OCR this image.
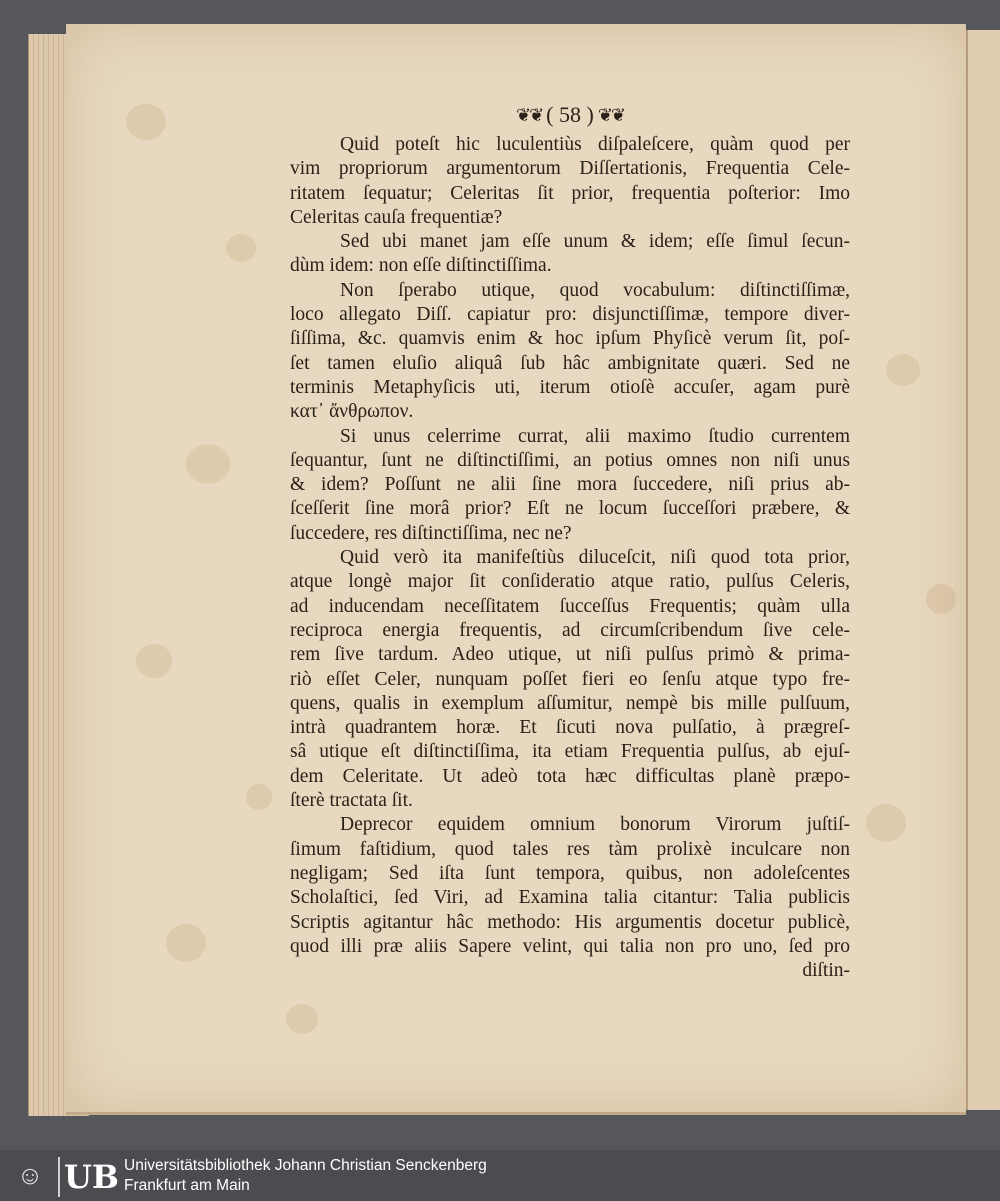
❦❦ ( 58 ) ❦❦
Quid poteſt hic luculentiùs diſpaleſcere, quàm quod per
vim propriorum argumentorum Diſſertationis, Frequentia Cele-
ritatem ſequatur; Celeritas ſit prior, frequentia poſterior: Imo
Celeritas cauſa frequentiæ?
Sed ubi manet jam eſſe unum & idem; eſſe ſimul ſecun-
dùm idem: non eſſe diſtinctiſſima.
Non ſperabo utique, quod vocabulum: diſtinctiſſimæ,
loco allegato Diſſ. capiatur pro: disjunctiſſimæ, tempore diver-
ſiſſima, &c. quamvis enim & hoc ipſum Phyſicè verum ſit, poſ-
ſet tamen eluſio aliquâ ſub hâc ambignitate quæri. Sed ne
terminis Metaphyſicis uti, iterum otioſè accuſer, agam purè
κατ᾽ ἄνθρωπον.
Si unus celerrime currat, alii maximo ſtudio currentem
ſequantur, ſunt ne diſtinctiſſimi, an potius omnes non niſi unus
& idem? Poſſunt ne alii ſine mora ſuccedere, niſi prius ab-
ſceſſerit ſine morâ prior? Eſt ne locum ſucceſſori præbere, &
ſuccedere, res diſtinctiſſima, nec ne?
Quid verò ita manifeſtiùs diluceſcit, niſi quod tota prior,
atque longè major ſit conſideratio atque ratio, pulſus Celeris,
ad inducendam neceſſitatem ſucceſſus Frequentis; quàm ulla
reciproca energia frequentis, ad circumſcribendum ſive cele-
rem ſive tardum. Adeo utique, ut niſi pulſus primò & prima-
riò eſſet Celer, nunquam poſſet fieri eo ſenſu atque typo fre-
quens, qualis in exemplum aſſumitur, nempè bis mille pulſuum,
intrà quadrantem horæ. Et ſicuti nova pulſatio, à prægreſ-
sâ utique eſt diſtinctiſſima, ita etiam Frequentia pulſus, ab ejuſ-
dem Celeritate. Ut adeò tota hæc difficultas planè præpo-
ſterè tractata ſit.
Deprecor equidem omnium bonorum Virorum juſtiſ-
ſimum faſtidium, quod tales res tàm prolixè inculcare non
negligam; Sed iſta ſunt tempora, quibus, non adoleſcentes
Scholaſtici, ſed Viri, ad Examina talia citantur: Talia publicis
Scriptis agitantur hâc methodo: His argumentis docetur publicè,
quod illi præ aliis Sapere velint, qui talia non pro uno, ſed pro
diſtin-
☺ UB Universitätsbibliothek Johann Christian Senckenberg
Frankfurt am Main
